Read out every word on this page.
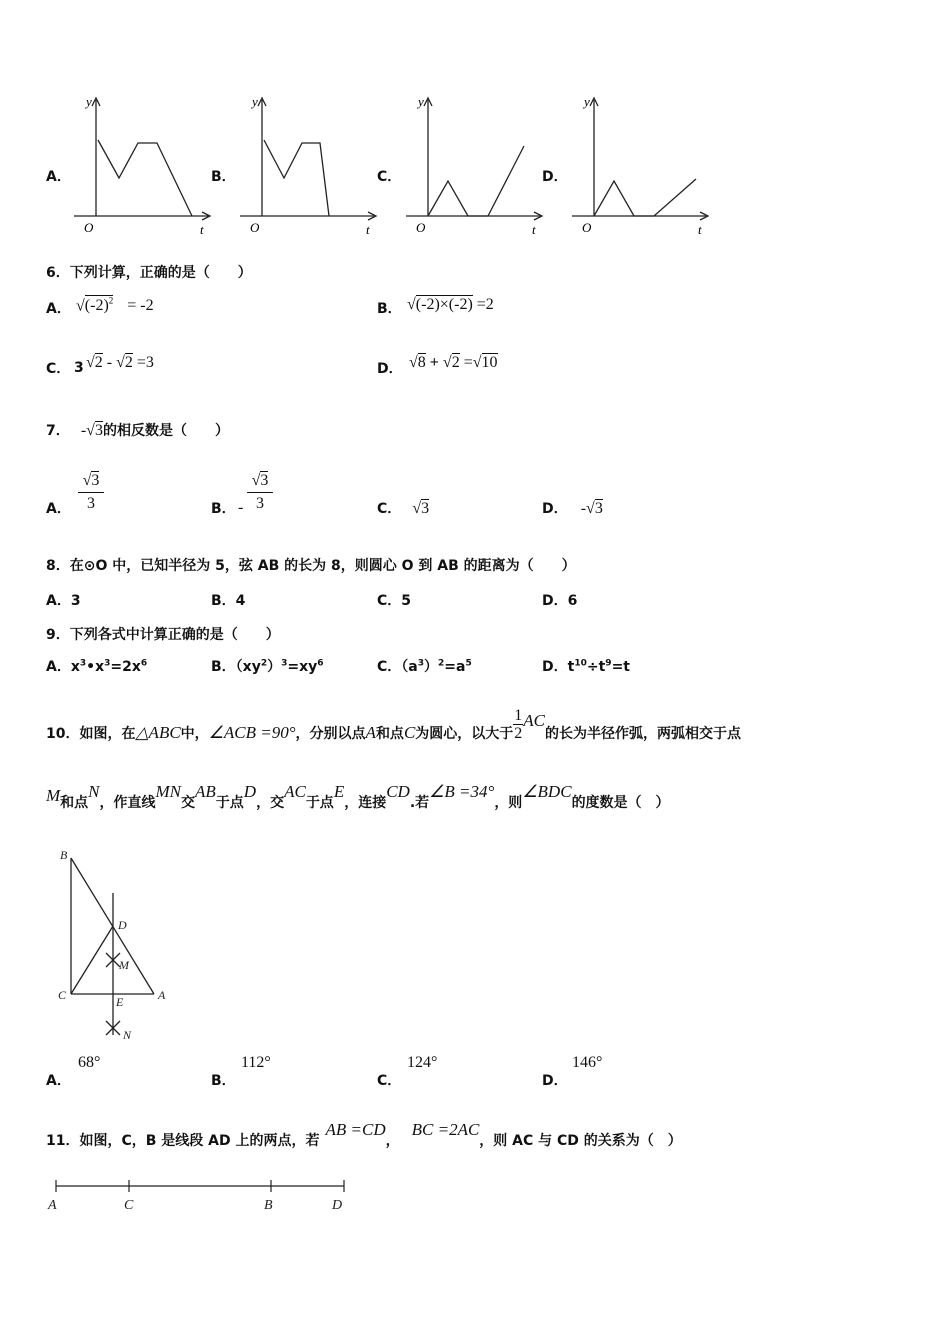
A．	B．	C．	D．
y
O	t
y
O	t
y
O	t
y
O	t
6．下列计算，正确的是（　　）
A． $√(-2)^2 = -2$	B． √(-2)×(-2) =2
C． 3 √2 - √2 =3	D． √8 + √2 =√10
7． -√3的相反数是（　　）
A．
√3
3	B． -
√3
3	C． √3	D． -√3
8．在⊙O 中，已知半径为 5，弦 AB 的长为 8，则圆心 O 到 AB 的距离为（　　）
A．3	B．4	C．5	D．6
9．下列各式中计算正确的是（　　）
A．$x^3•x^3=2x^6$	B．$(xy^2)^3=xy^6$	C．$(a^3)^2=a^5$	D．$t^{10}\div t^9=t$
10．如图，在△ABC中，∠ACB =90°，分别以点A和点C为圆心，以大于 $\frac{1}{2}$ AC的长为半径作弧，两弧相交于点
M和点N，作直线MN交AB于点D，交AC于点E，连接CD.若∠B =34°，则∠BDC的度数是（　）
B
D
M
C	E	A
N
A．
68°
B．
112°
C．
124°
D．
146°
11．如图，C，B 是线段 AD 上的两点，若AB =CD，BC =2AC，则 AC 与 CD 的关系为（　）
A	C	B	D
